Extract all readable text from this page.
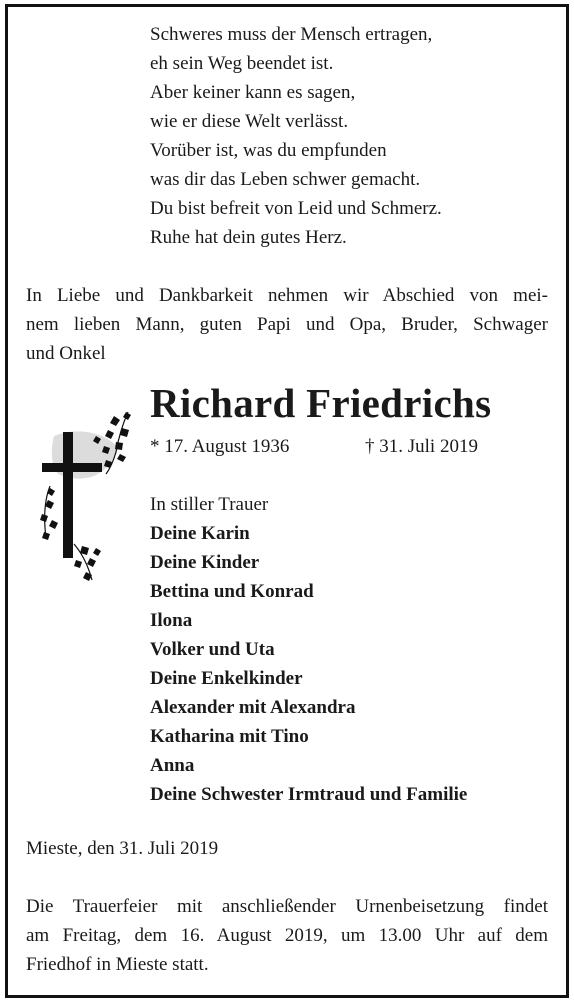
Schweres muss der Mensch ertragen,
eh sein Weg beendet ist.
Aber keiner kann es sagen,
wie er diese Welt verlässt.
Vorüber ist, was du empfunden
was dir das Leben schwer gemacht.
Du bist befreit von Leid und Schmerz.
Ruhe hat dein gutes Herz.
In Liebe und Dankbarkeit nehmen wir Abschied von mei-
nem lieben Mann, guten Papi und Opa, Bruder, Schwager
und Onkel
Richard Friedrichs
* 17. August 1936	† 31. Juli 2019
In stiller Trauer
Deine Karin
Deine Kinder
Bettina und Konrad
Ilona
Volker und Uta
Deine Enkelkinder
Alexander mit Alexandra
Katharina mit Tino
Anna
Deine Schwester Irmtraud und Familie
Mieste, den 31. Juli 2019
Die Trauerfeier mit anschließender Urnenbeisetzung findet
am Freitag, dem 16. August 2019, um 13.00 Uhr auf dem
Friedhof in Mieste statt.
